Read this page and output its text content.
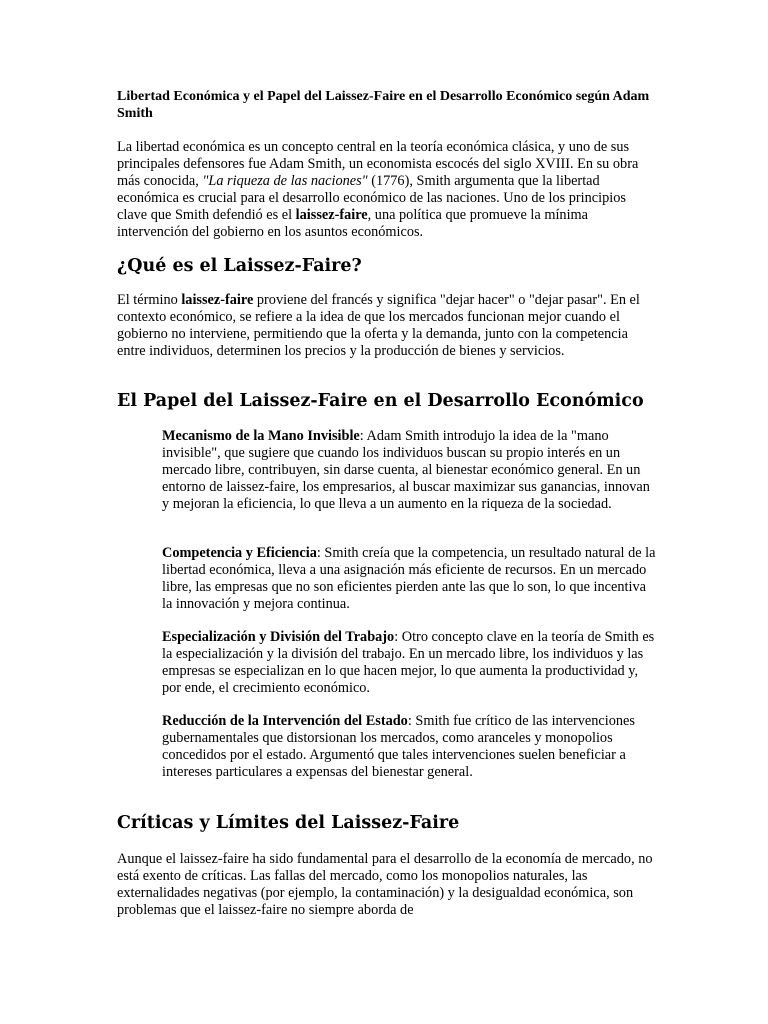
Libertad Económica y el Papel del Laissez-Faire en el Desarrollo Económico según Adam Smith

La libertad económica es un concepto central en la teoría económica clásica, y uno de sus principales defensores fue Adam Smith, un economista escocés del siglo XVIII. En su obra más conocida, "La riqueza de las naciones" (1776), Smith argumenta que la libertad económica es crucial para el desarrollo económico de las naciones. Uno de los principios clave que Smith defendió es el laissez-faire, una política que promueve la mínima intervención del gobierno en los asuntos económicos.

¿Qué es el Laissez-Faire?

El término laissez-faire proviene del francés y significa "dejar hacer" o "dejar pasar". En el contexto económico, se refiere a la idea de que los mercados funcionan mejor cuando el gobierno no interviene, permitiendo que la oferta y la demanda, junto con la competencia entre individuos, determinen los precios y la producción de bienes y servicios.

El Papel del Laissez-Faire en el Desarrollo Económico

Mecanismo de la Mano Invisible: Adam Smith introdujo la idea de la "mano invisible", que sugiere que cuando los individuos buscan su propio interés en un mercado libre, contribuyen, sin darse cuenta, al bienestar económico general. En un entorno de laissez-faire, los empresarios, al buscar maximizar sus ganancias, innovan y mejoran la eficiencia, lo que lleva a un aumento en la riqueza de la sociedad.

Competencia y Eficiencia: Smith creía que la competencia, un resultado natural de la libertad económica, lleva a una asignación más eficiente de recursos. En un mercado libre, las empresas que no son eficientes pierden ante las que lo son, lo que incentiva la innovación y mejora continua.

Especialización y División del Trabajo: Otro concepto clave en la teoría de Smith es la especialización y la división del trabajo. En un mercado libre, los individuos y las empresas se especializan en lo que hacen mejor, lo que aumenta la productividad y, por ende, el crecimiento económico.

Reducción de la Intervención del Estado: Smith fue crítico de las intervenciones gubernamentales que distorsionan los mercados, como aranceles y monopolios concedidos por el estado. Argumentó que tales intervenciones suelen beneficiar a intereses particulares a expensas del bienestar general.

Críticas y Límites del Laissez-Faire

Aunque el laissez-faire ha sido fundamental para el desarrollo de la economía de mercado, no está exento de críticas. Las fallas del mercado, como los monopolios naturales, las externalidades negativas (por ejemplo, la contaminación) y la desigualdad económica, son problemas que el laissez-faire no siempre aborda de
